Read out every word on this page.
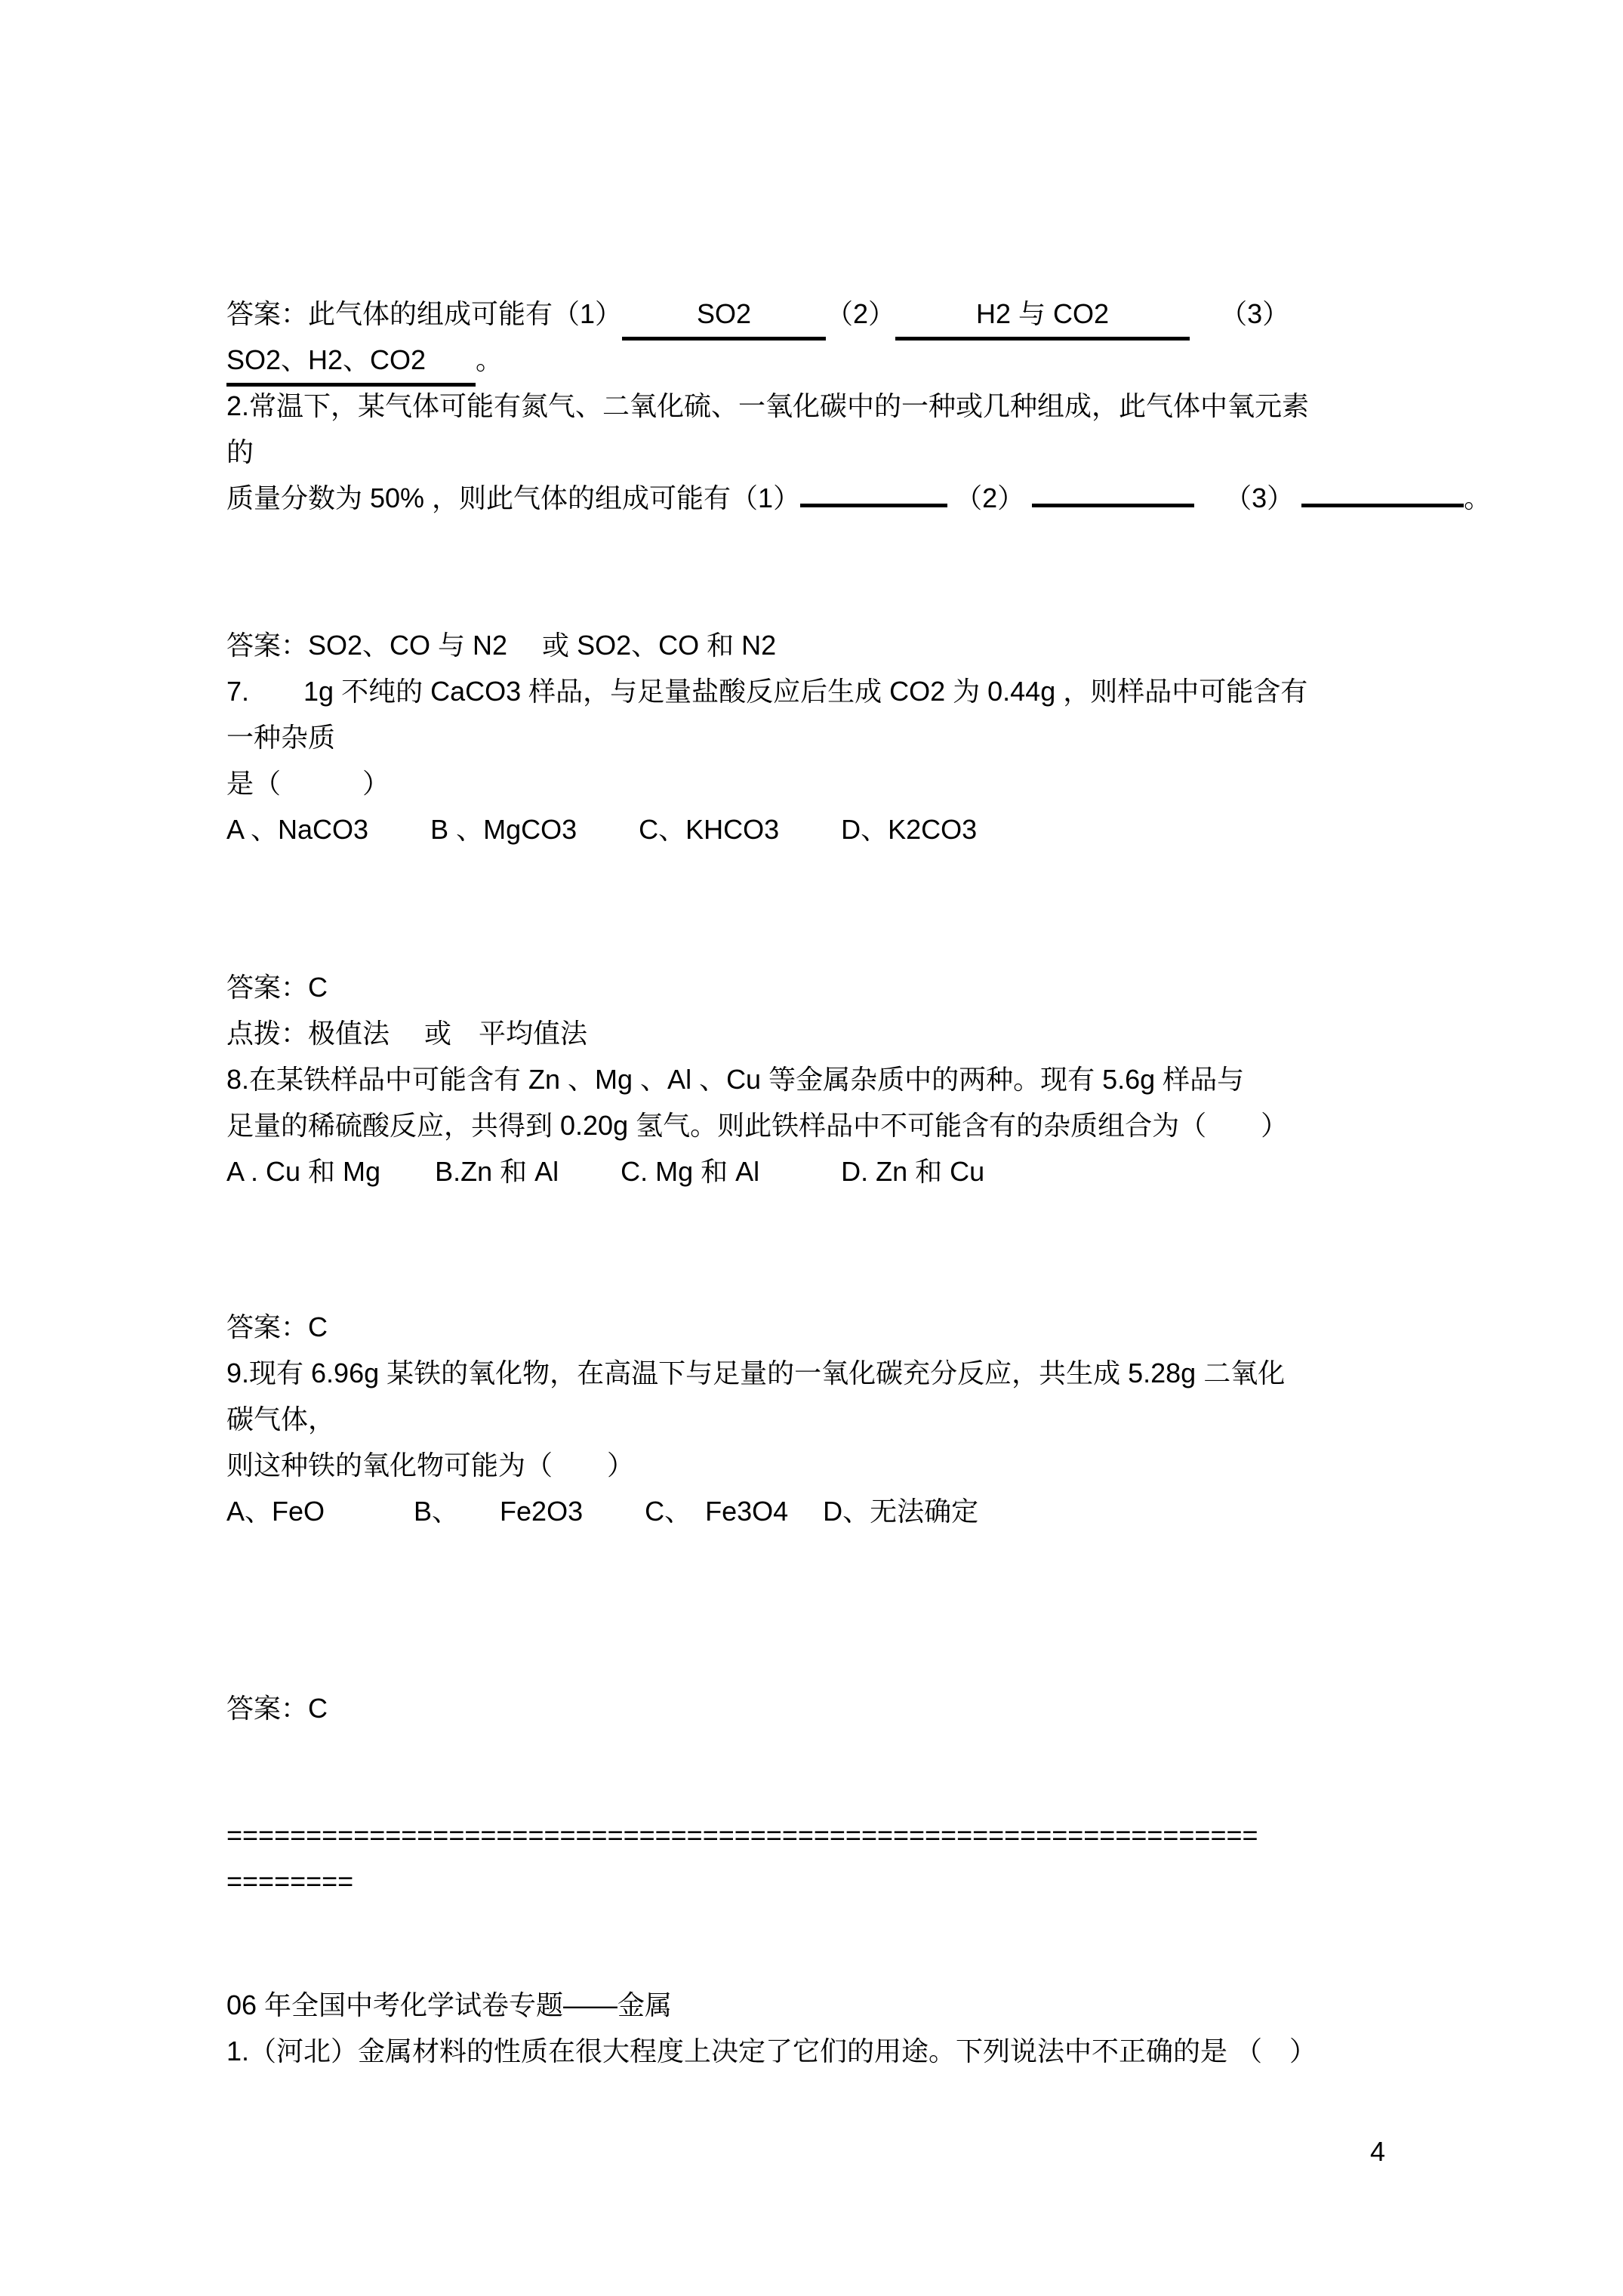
答案：此气体的组成可能有（1）	SO2	（2）	H2 与 CO2	（3）
SO2、H2、CO2 。
2.常温下，某气体可能有氮气、二氧化硫、一氧化碳中的一种或几种组成，此气体中氧元素
的
质量分数为 50% ，则此气体的组成可能有（1）	（2）	（3）	。
答案：SO2、CO 与 N2　 或 SO2、CO 和 N2
7.　　1g 不纯的 CaCO3 样品，与足量盐酸反应后生成 CO2 为 0.44g ，则样品中可能含有
一种杂质
是（　　　）
A 、NaCO3　　 B 、MgCO3　　 C、KHCO3　　 D、K2CO3
答案：C
点拨：极值法　 或　平均值法
8.在某铁样品中可能含有 Zn 、Mg 、Al 、Cu 等金属杂质中的两种。现有 5.6g 样品与
足量的稀硫酸反应，共得到 0.20g 氢气。则此铁样品中不可能含有的杂质组合为（　　）
A . Cu 和 Mg　　B.Zn 和 Al　　 C. Mg 和 Al　　　D. Zn 和 Cu
答案：C
9.现有 6.96g 某铁的氧化物，在高温下与足量的一氧化碳充分反应，共生成 5.28g 二氧化
碳气体，
则这种铁的氧化物可能为（　　）
A、FeO　　　 B、　　Fe2O3　　 C、　Fe3O4　 D、无法确定
答案：C
=================================================================
========
06 年全国中考化学试卷专题——金属
1.（河北）金属材料的性质在很大程度上决定了它们的用途。下列说法中不正确的是 （　）
4
